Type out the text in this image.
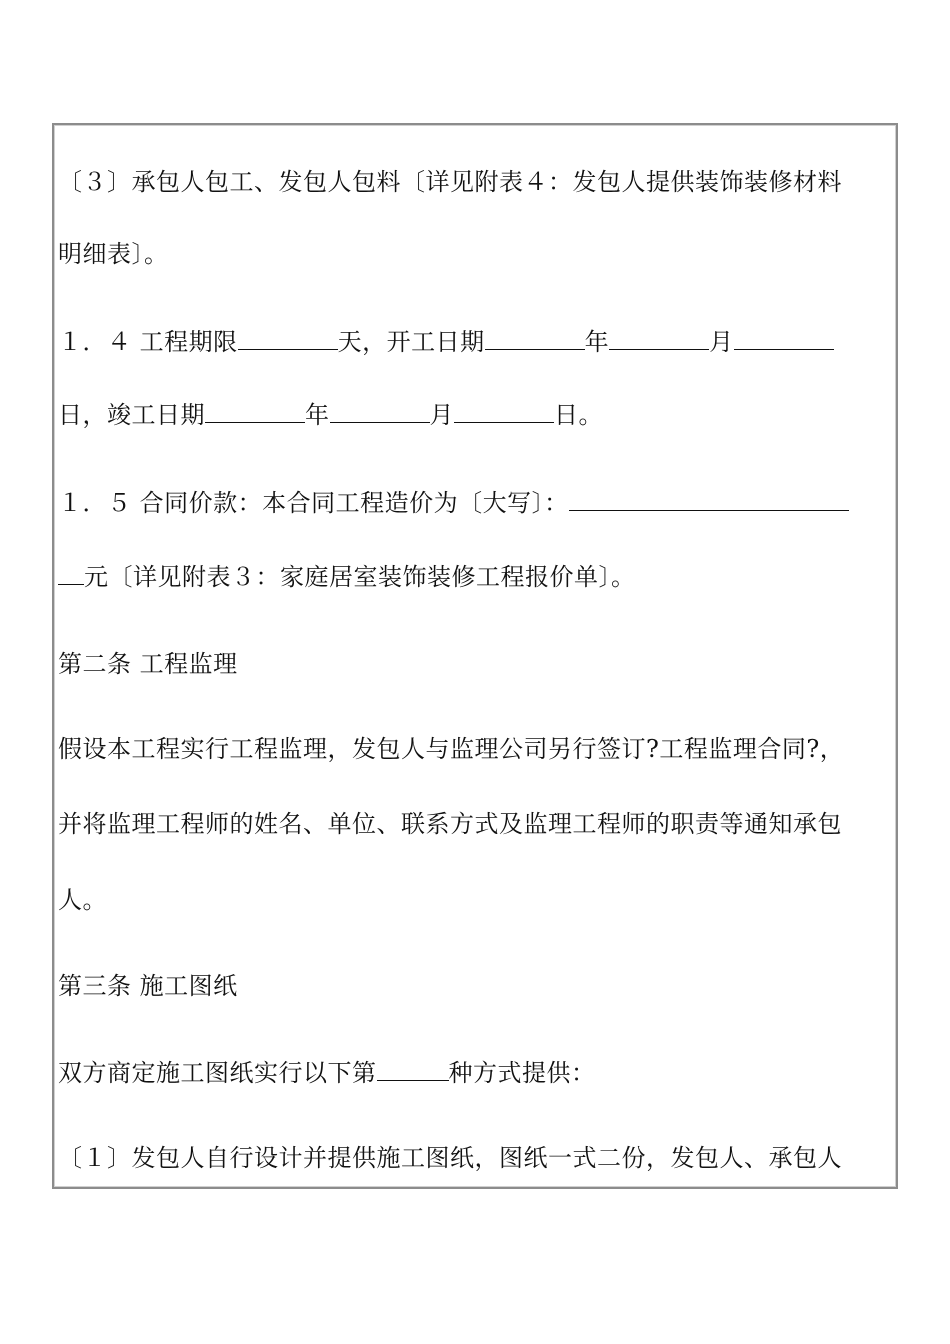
〔３〕承包人包工、发包人包料〔详见附表４：发包人提供装饰装修材料
明细表〕。
１．４ 工程期限	天，开工日期	年	月
日，竣工日期	年	月	日。
１．５ 合同价款：本合同工程造价为〔大写〕：
元〔详见附表３：家庭居室装饰装修工程报价单〕。
第二条 工程监理
假设本工程实行工程监理，发包人与监理公司另行签订?工程监理合同?，
并将监理工程师的姓名、单位、联系方式及监理工程师的职责等通知承包
人。
第三条 施工图纸
双方商定施工图纸实行以下第	种方式提供：
〔１〕发包人自行设计并提供施工图纸，图纸一式二份，发包人、承包人
